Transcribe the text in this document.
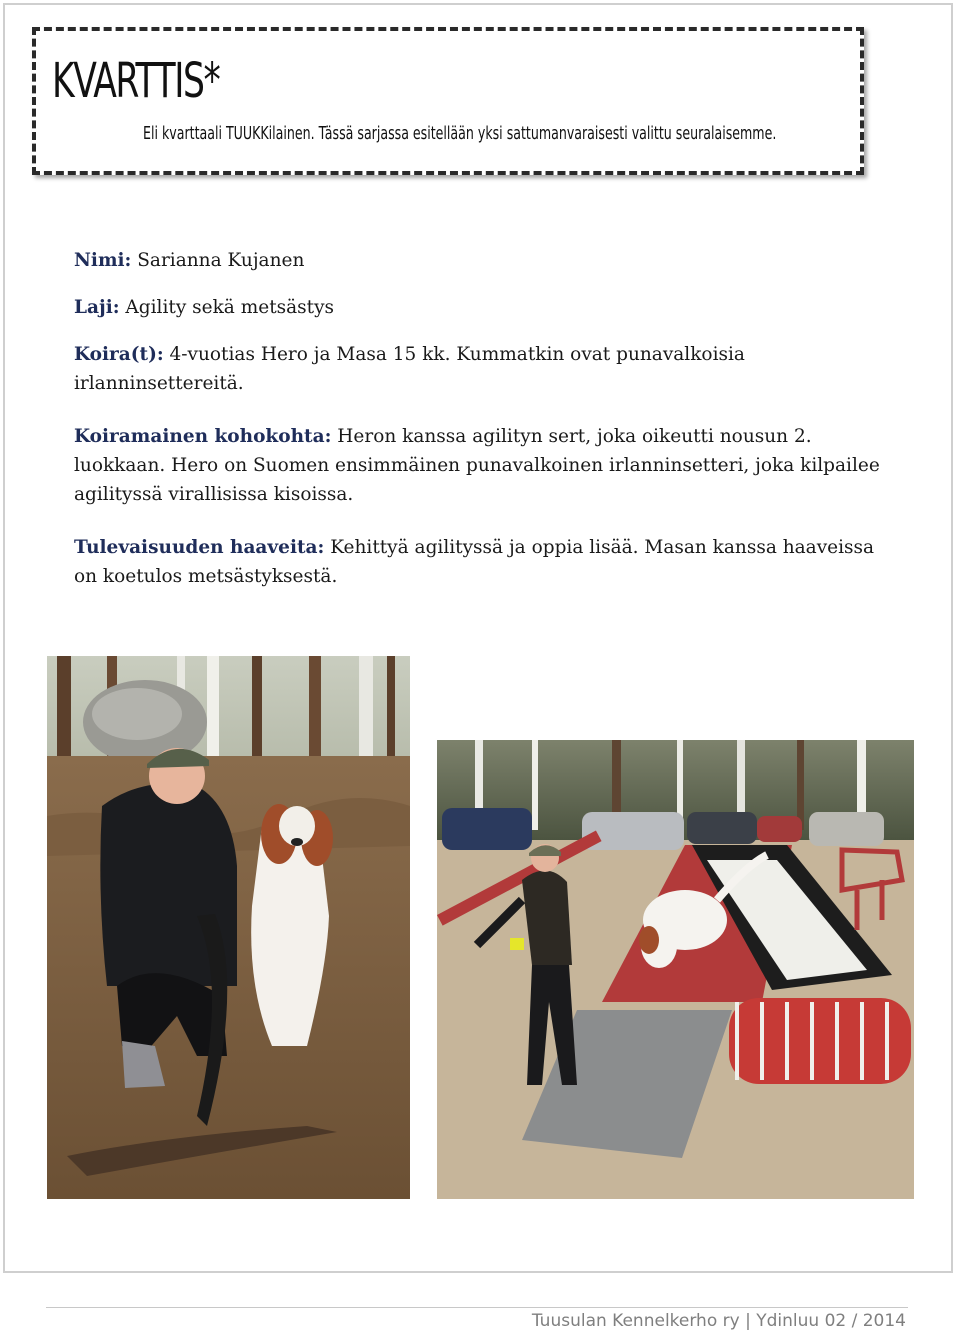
KVARTTIS*
Eli kvarttaali TUUKKilainen. Tässä sarjassa esitellään yksi sattumanvaraisesti valittu seuralaisemme.

Nimi: Sarianna Kujanen

Laji: Agility sekä metsästys

Koira(t): 4-vuotias Hero ja Masa 15 kk. Kummatkin ovat punavalkoisia irlanninsettereitä.

Koiramainen kohokohta: Heron kanssa agilityn sert, joka oikeutti nousun 2. luokkaan. Hero on Suomen ensimmäinen punavalkoinen irlanninsetteri, joka kilpailee agilityssä virallisissa kisoissa.

Tulevaisuuden haaveita: Kehittyä agilityssä ja oppia lisää. Masan kanssa haaveissa on koetulos metsästyksestä.

Tuusulan Kennelkerho ry | Ydinluu 02 / 2014
